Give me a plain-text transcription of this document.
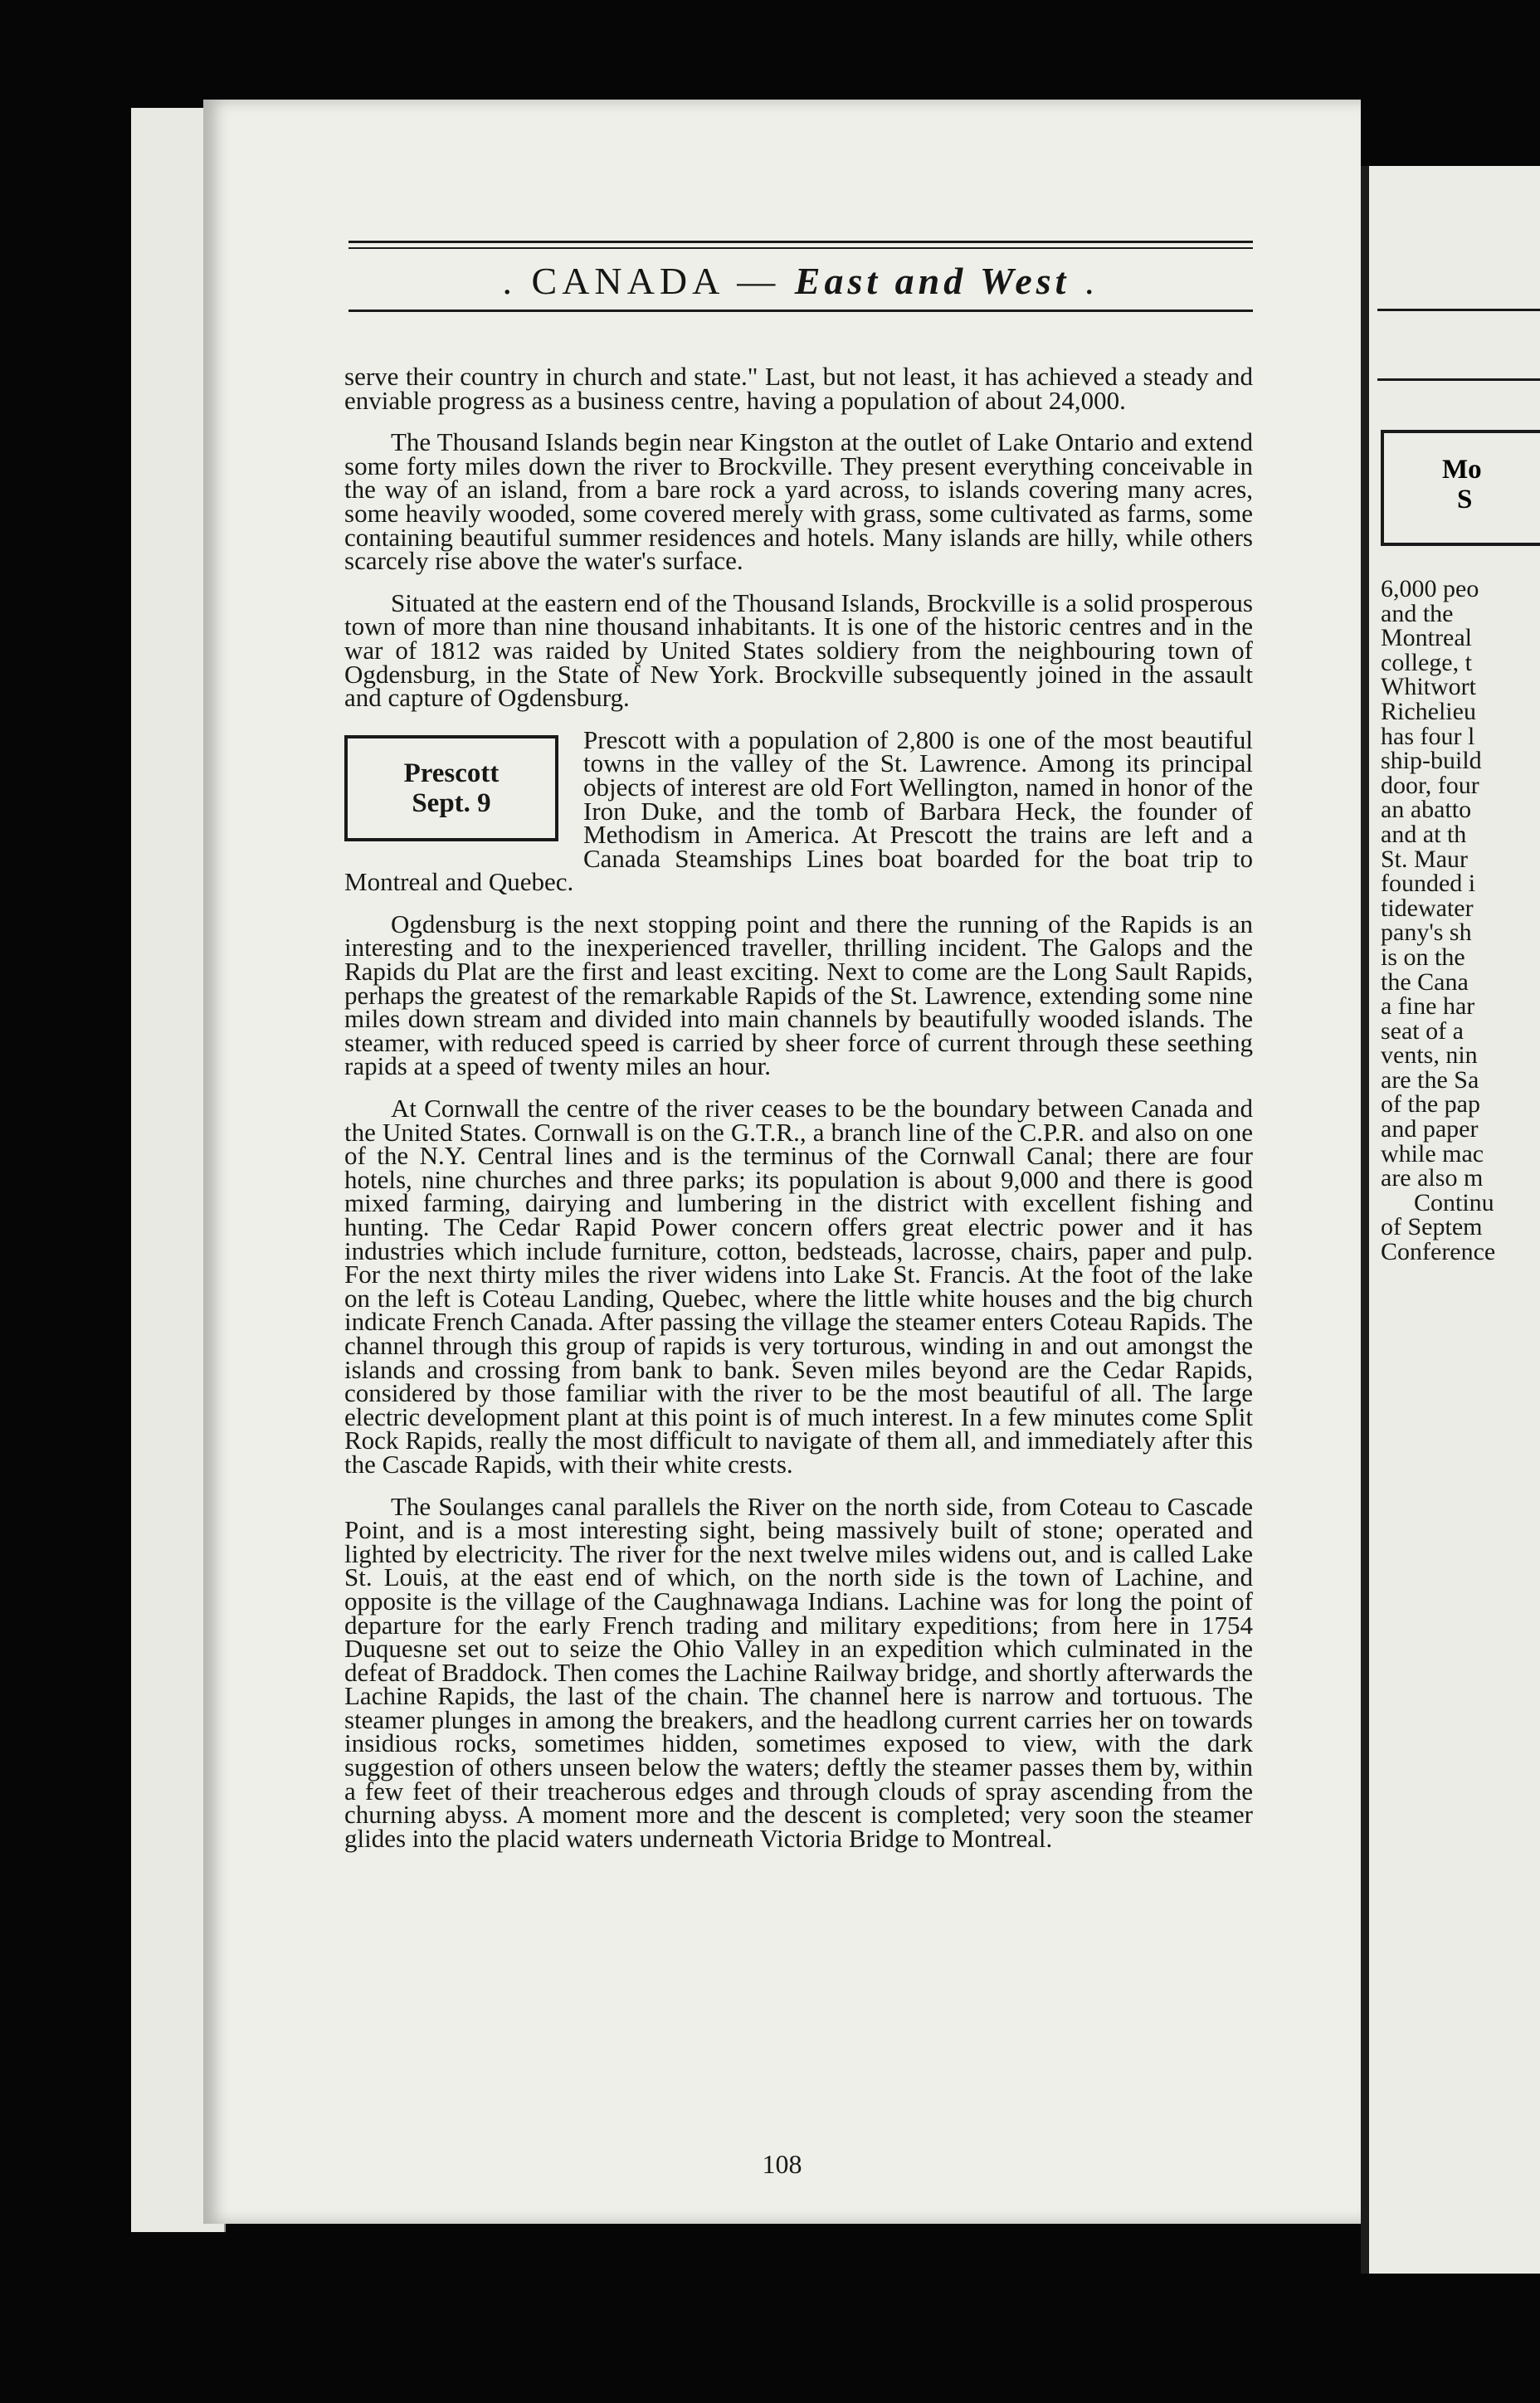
. CANADA — East and West .

serve their country in church and state." Last, but not least, it has achieved a steady and enviable progress as a business centre, having a population of about 24,000.

The Thousand Islands begin near Kingston at the outlet of Lake Ontario and extend some forty miles down the river to Brockville. They present everything conceivable in the way of an island, from a bare rock a yard across, to islands covering many acres, some heavily wooded, some covered merely with grass, some cultivated as farms, some containing beautiful summer residences and hotels. Many islands are hilly, while others scarcely rise above the water's surface.

Situated at the eastern end of the Thousand Islands, Brockville is a solid prosperous town of more than nine thousand inhabitants. It is one of the historic centres and in the war of 1812 was raided by United States soldiery from the neighbouring town of Ogdensburg, in the State of New York. Brockville subsequently joined in the assault and capture of Ogdensburg.

Prescott
Sept. 9

Prescott with a population of 2,800 is one of the most beautiful towns in the valley of the St. Lawrence. Among its principal objects of interest are old Fort Wellington, named in honor of the Iron Duke, and the tomb of Barbara Heck, the founder of Methodism in America. At Prescott the trains are left and a Canada Steamships Lines boat boarded for the boat trip to Montreal and Quebec.

Ogdensburg is the next stopping point and there the running of the Rapids is an interesting and to the inexperienced traveller, thrilling incident. The Galops and the Rapids du Plat are the first and least exciting. Next to come are the Long Sault Rapids, perhaps the greatest of the remarkable Rapids of the St. Lawrence, extending some nine miles down stream and divided into main channels by beautifully wooded islands. The steamer, with reduced speed is carried by sheer force of current through these seething rapids at a speed of twenty miles an hour.

At Cornwall the centre of the river ceases to be the boundary between Canada and the United States. Cornwall is on the G.T.R., a branch line of the C.P.R. and also on one of the N.Y. Central lines and is the terminus of the Cornwall Canal; there are four hotels, nine churches and three parks; its population is about 9,000 and there is good mixed farming, dairying and lumbering in the district with excellent fishing and hunting. The Cedar Rapid Power concern offers great electric power and it has industries which include furniture, cotton, bedsteads, lacrosse, chairs, paper and pulp. For the next thirty miles the river widens into Lake St. Francis. At the foot of the lake on the left is Coteau Landing, Quebec, where the little white houses and the big church indicate French Canada. After passing the village the steamer enters Coteau Rapids. The channel through this group of rapids is very torturous, winding in and out amongst the islands and crossing from bank to bank. Seven miles beyond are the Cedar Rapids, considered by those familiar with the river to be the most beautiful of all. The large electric development plant at this point is of much interest. In a few minutes come Split Rock Rapids, really the most difficult to navigate of them all, and immediately after this the Cascade Rapids, with their white crests.

The Soulanges canal parallels the River on the north side, from Coteau to Cascade Point, and is a most interesting sight, being massively built of stone; operated and lighted by electricity. The river for the next twelve miles widens out, and is called Lake St. Louis, at the east end of which, on the north side is the town of Lachine, and opposite is the village of the Caughnawaga Indians. Lachine was for long the point of departure for the early French trading and military expeditions; from here in 1754 Duquesne set out to seize the Ohio Valley in an expedition which culminated in the defeat of Braddock. Then comes the Lachine Railway bridge, and shortly afterwards the Lachine Rapids, the last of the chain. The channel here is narrow and tortuous. The steamer plunges in among the breakers, and the headlong current carries her on towards insidious rocks, sometimes hidden, sometimes exposed to view, with the dark suggestion of others unseen below the waters; deftly the steamer passes them by, within a few feet of their treacherous edges and through clouds of spray ascending from the churning abyss. A moment more and the descent is completed; very soon the steamer glides into the placid waters underneath Victoria Bridge to Montreal.

108
Mo
S
6,000 peo
and the
Montreal
college, t
Whitwort
Richelieu
has four l
ship-build
door, four
an abatto
and at th
St. Maur
founded i
tidewater
pany's sh
is on the
the Cana
a fine har
seat of a
vents, nin
are the Sa
of the pap
and paper
while mac
are also m
Continu
of Septem
Conference
